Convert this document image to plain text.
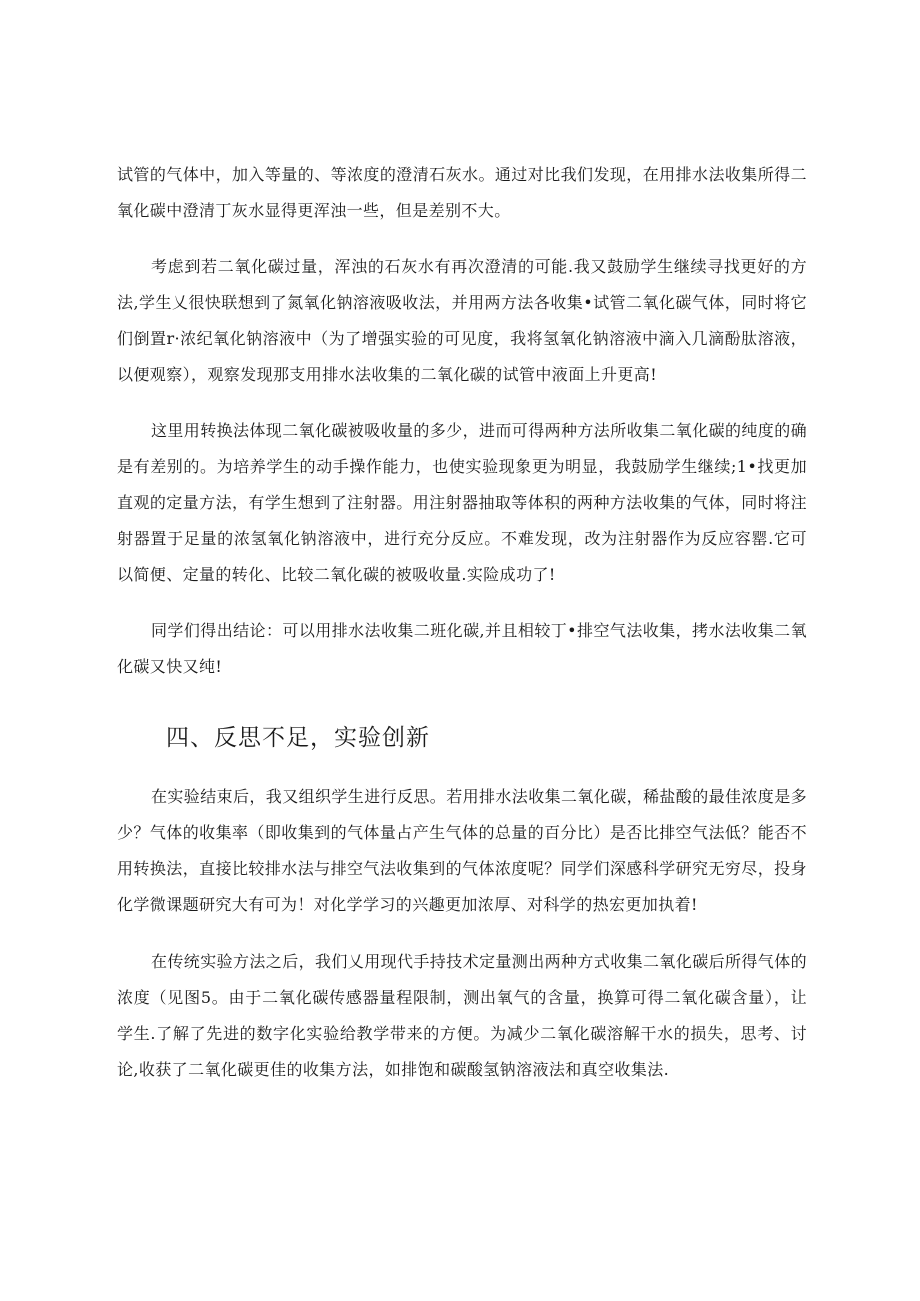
试管的气体中，加入等量的、等浓度的澄清石灰水。通过对比我们发现，在用排水法收集所得二氧化碳中澄清丁灰水显得更浑浊一些，但是差别不大。

考虑到若二氧化碳过量，浑浊的石灰水有再次澄清的可能.我又鼓励学生继续寻找更好的方法,学生乂很快联想到了氮氧化钠溶液吸收法，并用两方法各收集•试管二氧化碳气体，同时将它们倒置r·浓纪氧化钠溶液中（为了增强实验的可见度，我将氢氧化钠溶液中滴入几滴酚肽溶液，以便观察），观察发现那支用排水法收集的二氧化碳的试管中液面上升更高!

这里用转换法体现二氧化碳被吸收量的多少，进而可得两种方法所收集二氧化碳的纯度的确是有差别的。为培养学生的动手操作能力，也使实验现象更为明显，我鼓励学生继续;1•找更加直观的定量方法，有学生想到了注射器。用注射器抽取等体积的两种方法收集的气体，同时将注射器置于足量的浓氢氧化钠溶液中，进行充分反应。不难发现，改为注射器作为反应容罂.它可以简便、定量的转化、比较二氧化碳的被吸收量.实险成功了!

同学们得出结论：可以用排水法收集二班化碳,并且相较丁•排空气法收集，拷水法收集二氧化碳又快又纯!

四、反思不足，实验创新

在实验结束后，我又组织学生进行反思。若用排水法收集二氧化碳，稀盐酸的最佳浓度是多少？气体的收集率（即收集到的气体量占产生气体的总量的百分比）是否比排空气法低？能否不用转换法，直接比较排水法与排空气法收集到的气体浓度呢？同学们深感科学研究无穷尽，投身化学微课题研究大有可为！对化学学习的兴趣更加浓厚、对科学的热宏更加执着!

在传统实验方法之后，我们乂用现代手持技术定量测出两种方式收集二氧化碳后所得气体的浓度（见图5。由于二氧化碳传感器量程限制，测出氧气的含量，换算可得二氧化碳含量），让学生.了解了先进的数字化实验给教学带来的方便。为减少二氧化碳溶解干水的损失，思考、讨论,收获了二氧化碳更佳的收集方法，如排饱和碳酸氢钠溶液法和真空收集法.
